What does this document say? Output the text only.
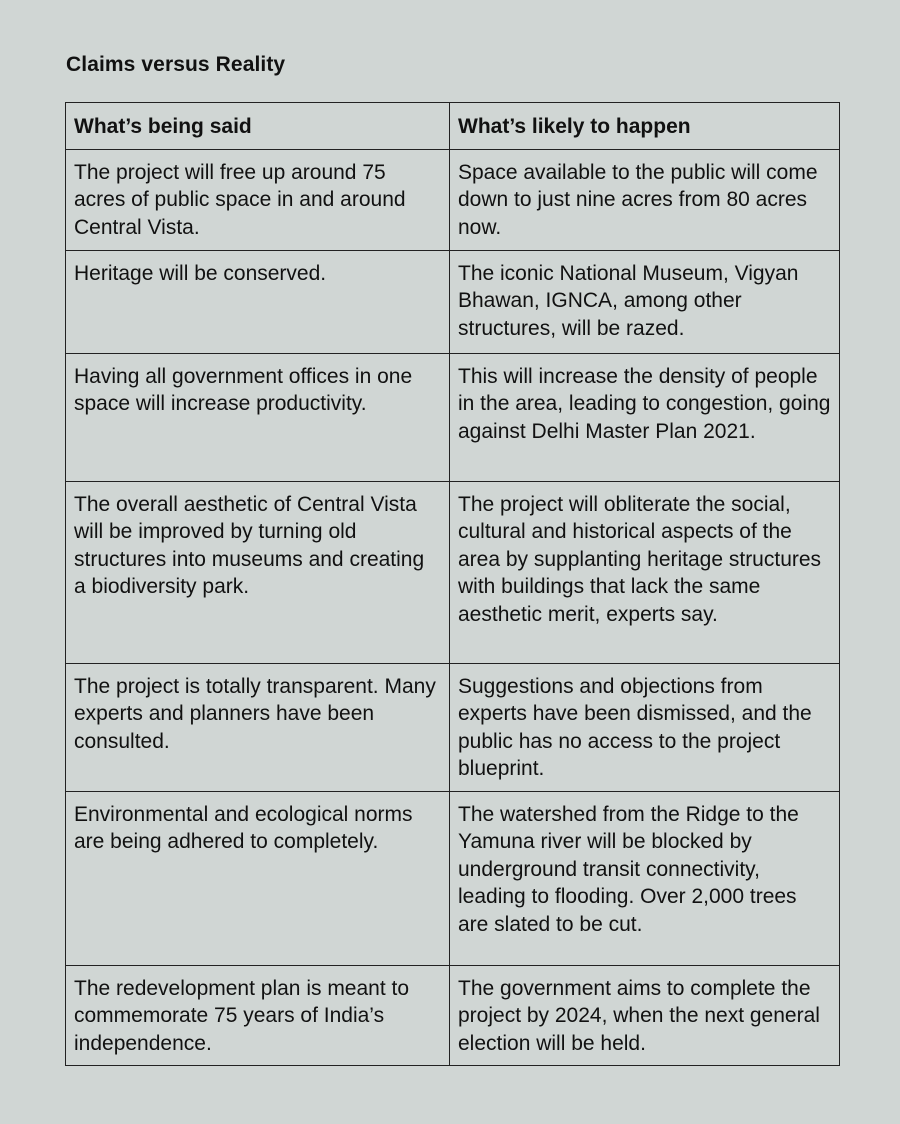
Claims versus Reality
What’s being said	What’s likely to happen
The project will free up around 75 acres of public space in and around Central Vista.	Space available to the public will come down to just nine acres from 80 acres now.
Heritage will be conserved.	The iconic National Museum, Vigyan Bhawan, IGNCA, among other structures, will be razed.
Having all government offices in one space will increase productivity.	This will increase the density of people in the area, leading to congestion, going against Delhi Master Plan 2021.
The overall aesthetic of Central Vista will be improved by turning old structures into museums and creating a biodiversity park.	The project will obliterate the social, cultural and historical aspects of the area by supplanting heritage structures with buildings that lack the same aesthetic merit, experts say.
The project is totally transparent. Many experts and planners have been consulted.	Suggestions and objections from experts have been dismissed, and the public has no access to the project blueprint.
Environmental and ecological norms are being adhered to completely.	The watershed from the Ridge to the Yamuna river will be blocked by underground transit connectivity, leading to flooding. Over 2,000 trees are slated to be cut.
The redevelopment plan is meant to commemorate 75 years of India’s independence.	The government aims to complete the project by 2024, when the next general election will be held.
